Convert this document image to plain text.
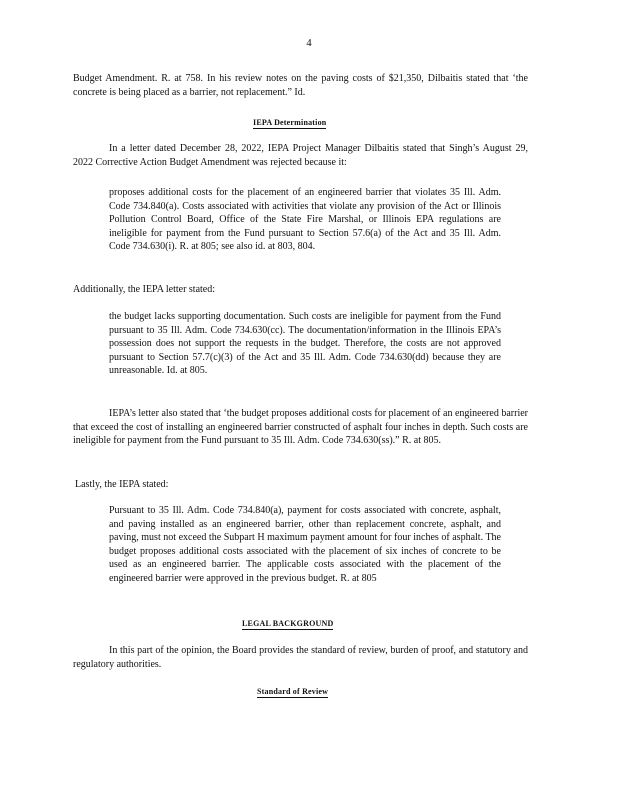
4

Budget Amendment. R. at 758. In his review notes on the paving costs of $21,350, Dilbaitis stated that ‘the concrete is being placed as a barrier, not replacement.” Id.

IEPA Determination

In a letter dated December 28, 2022, IEPA Project Manager Dilbaitis stated that Singh’s August 29, 2022 Corrective Action Budget Amendment was rejected because it:

proposes additional costs for the placement of an engineered barrier that violates 35 Ill. Adm. Code 734.840(a). Costs associated with activities that violate any provision of the Act or Illinois Pollution Control Board, Office of the State Fire Marshal, or Illinois EPA regulations are ineligible for payment from the Fund pursuant to Section 57.6(a) of the Act and 35 Ill. Adm. Code 734.630(i). R. at 805; see also id. at 803, 804.

Additionally, the IEPA letter stated:

the budget lacks supporting documentation. Such costs are ineligible for payment from the Fund pursuant to 35 Ill. Adm. Code 734.630(cc). The documentation/information in the Illinois EPA’s possession does not support the requests in the budget. Therefore, the costs are not approved pursuant to Section 57.7(c)(3) of the Act and 35 Ill. Adm. Code 734.630(dd) because they are unreasonable. Id. at 805.

IEPA’s letter also stated that ‘the budget proposes additional costs for placement of an engineered barrier that exceed the cost of installing an engineered barrier constructed of asphalt four inches in depth. Such costs are ineligible for payment from the Fund pursuant to 35 Ill. Adm. Code 734.630(ss).” R. at 805.

Lastly, the IEPA stated:

Pursuant to 35 Ill. Adm. Code 734.840(a), payment for costs associated with concrete, asphalt, and paving installed as an engineered barrier, other than replacement concrete, asphalt, and paving, must not exceed the Subpart H maximum payment amount for four inches of asphalt. The budget proposes additional costs associated with the placement of six inches of concrete to be used as an engineered barrier. The applicable costs associated with the placement of the engineered barrier were approved in the previous budget. R. at 805

LEGAL BACKGROUND

In this part of the opinion, the Board provides the standard of review, burden of proof, and statutory and regulatory authorities.

Standard of Review
